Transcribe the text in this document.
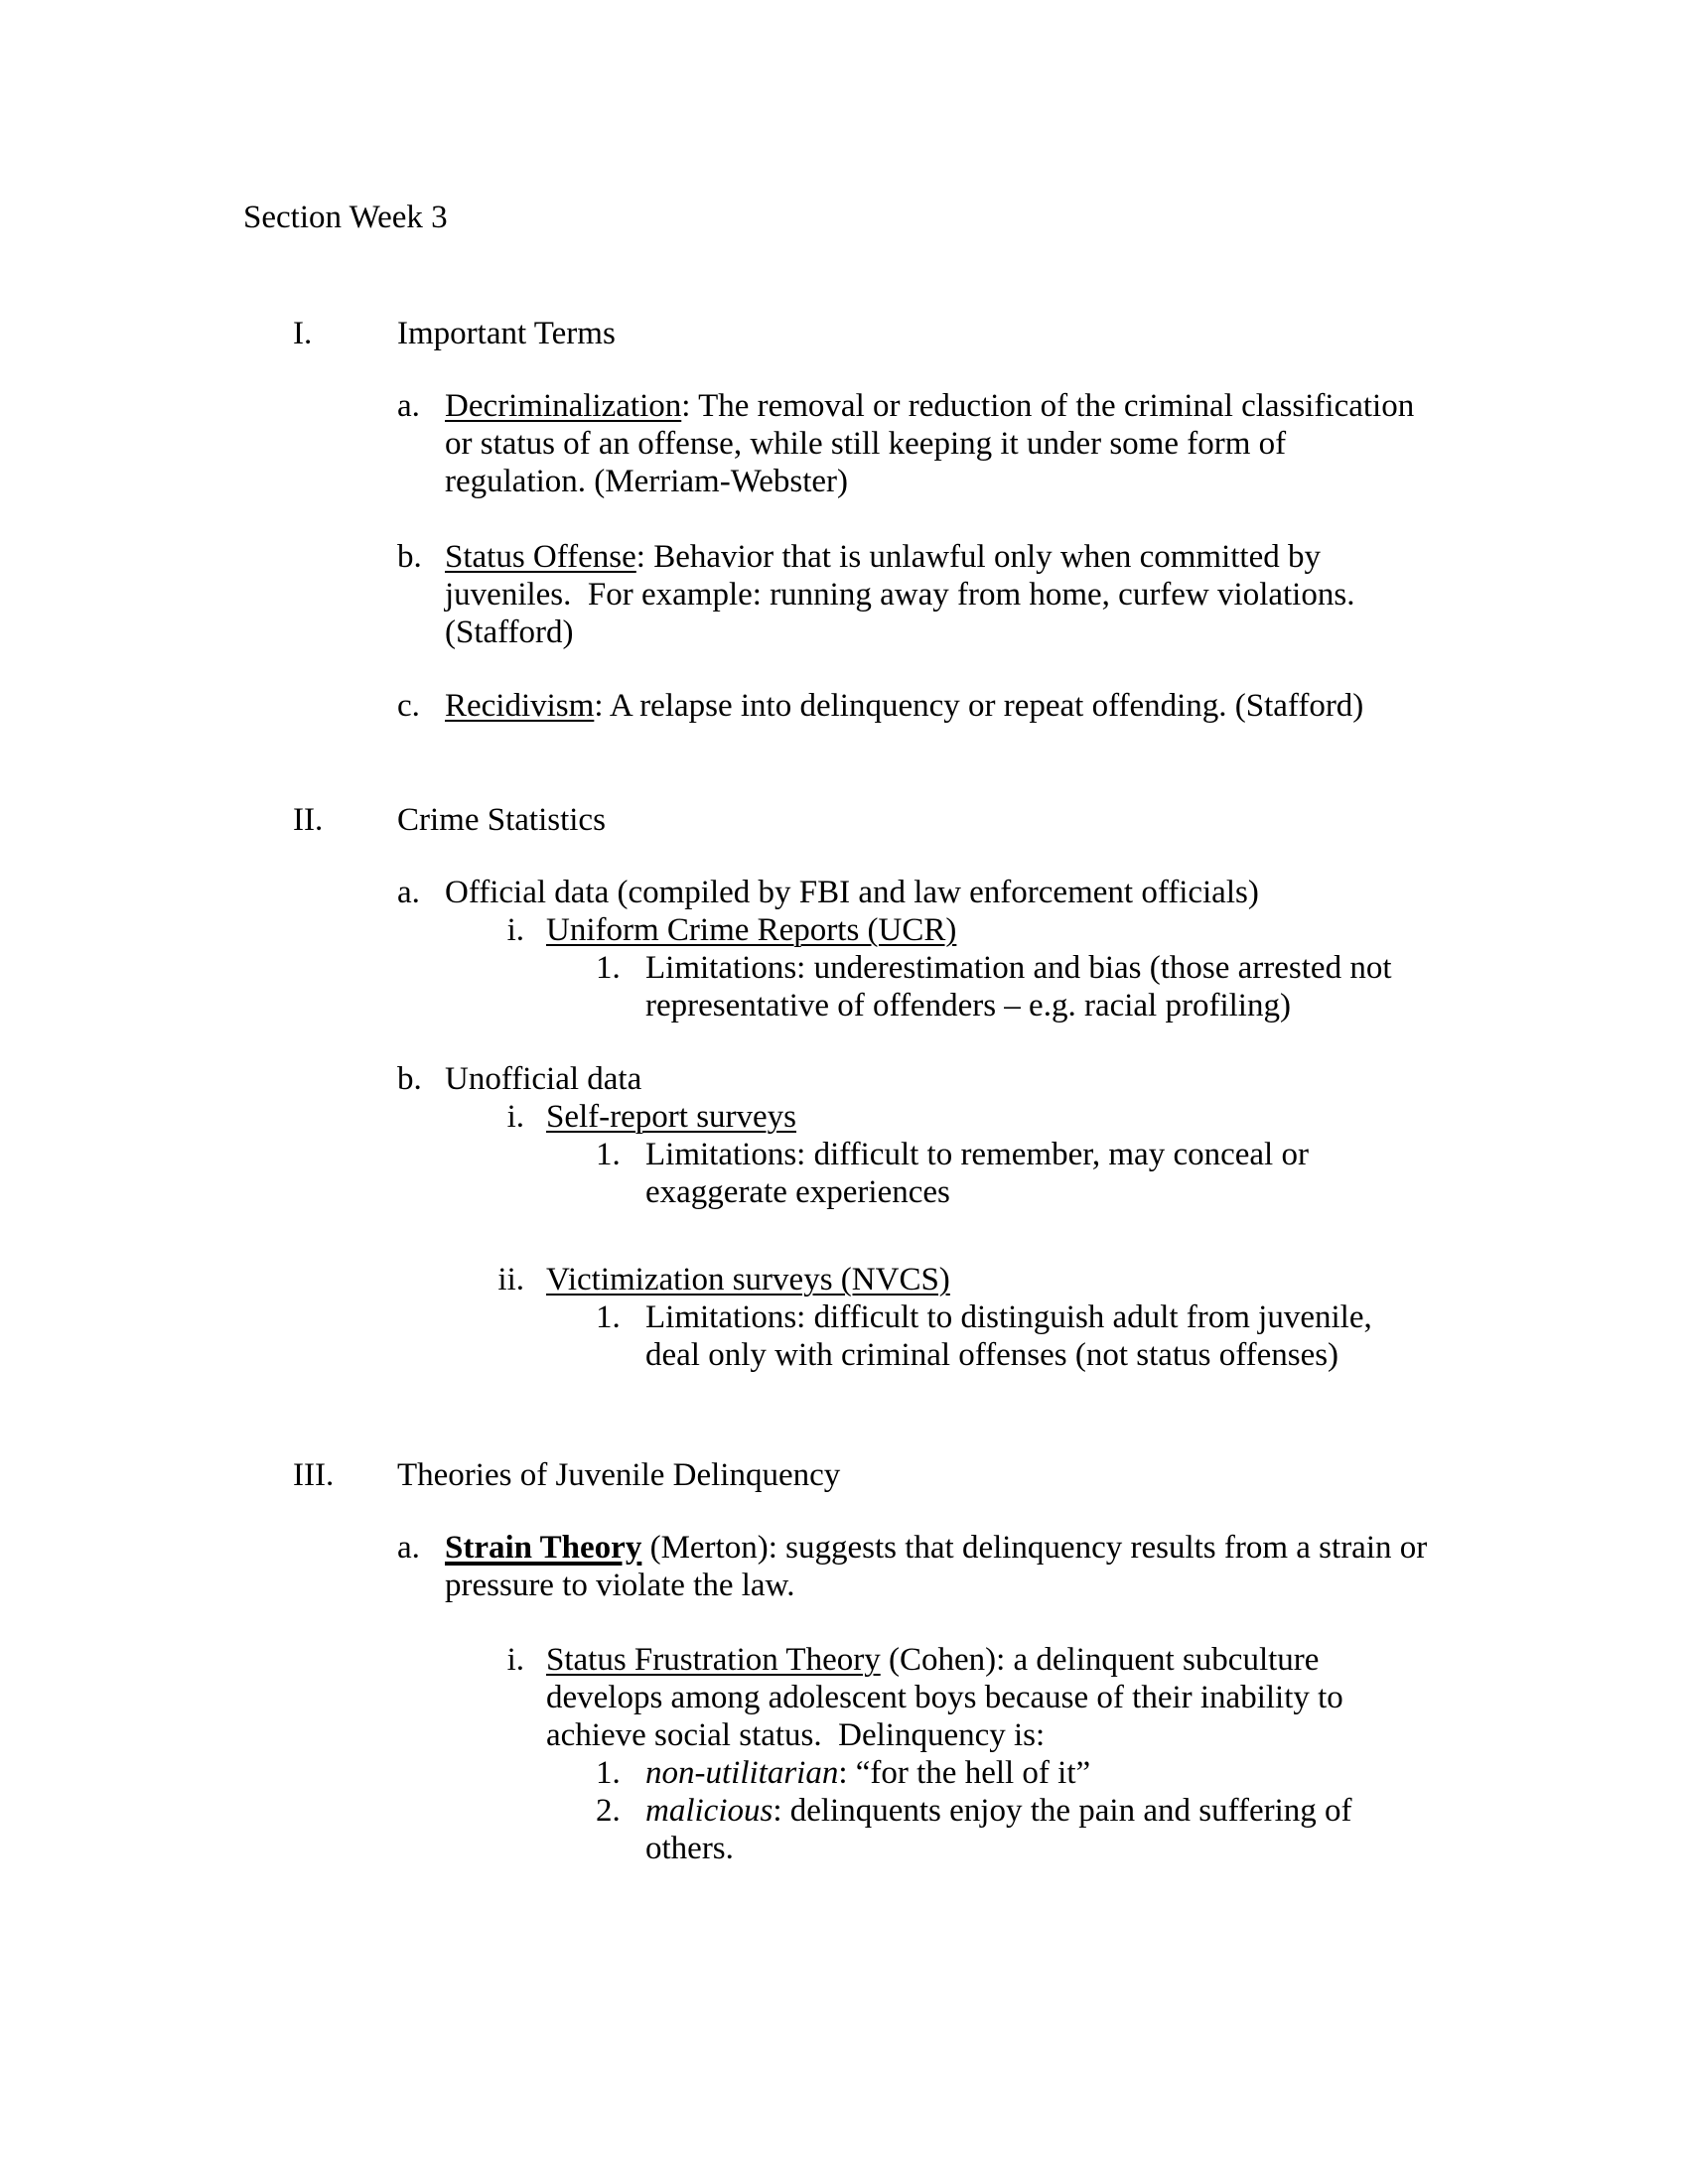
Section Week 3
I.	Important Terms
a. Decriminalization: The removal or reduction of the criminal classification
or status of an offense, while still keeping it under some form of
regulation. (Merriam-Webster)
b. Status Offense: Behavior that is unlawful only when committed by
juveniles.  For example: running away from home, curfew violations.
(Stafford)
c. Recidivism: A relapse into delinquency or repeat offending. (Stafford)
II. Crime Statistics
a. Official data (compiled by FBI and law enforcement officials)
i. Uniform Crime Reports (UCR)
1. Limitations: underestimation and bias (those arrested not
representative of offenders – e.g. racial profiling)
b. Unofficial data
i. Self-report surveys
1. Limitations: difficult to remember, may conceal or
exaggerate experiences
ii. Victimization surveys (NVCS)
1. Limitations: difficult to distinguish adult from juvenile,
deal only with criminal offenses (not status offenses)
III. Theories of Juvenile Delinquency
a. Strain Theory (Merton): suggests that delinquency results from a strain or
pressure to violate the law.
i. Status Frustration Theory (Cohen): a delinquent subculture
develops among adolescent boys because of their inability to
achieve social status.  Delinquency is:
1. non-utilitarian: “for the hell of it”
2. malicious: delinquents enjoy the pain and suffering of
others.
